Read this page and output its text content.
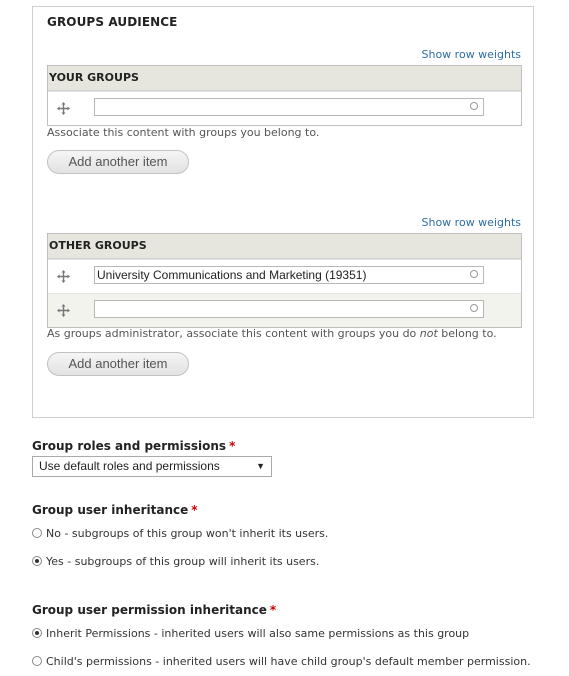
GROUPS AUDIENCE
Show row weights
YOUR GROUPS
Associate this content with groups you belong to.
Add another item
Show row weights
OTHER GROUPS
University Communications and Marketing (19351)
As groups administrator, associate this content with groups you do not belong to.
Add another item
Group roles and permissions *
Use default roles and permissions	▼
Group user inheritance *
No - subgroups of this group won't inherit its users.
Yes - subgroups of this group will inherit its users.
Group user permission inheritance *
Inherit Permissions - inherited users will also same permissions as this group
Child's permissions - inherited users will have child group's default member permission.
